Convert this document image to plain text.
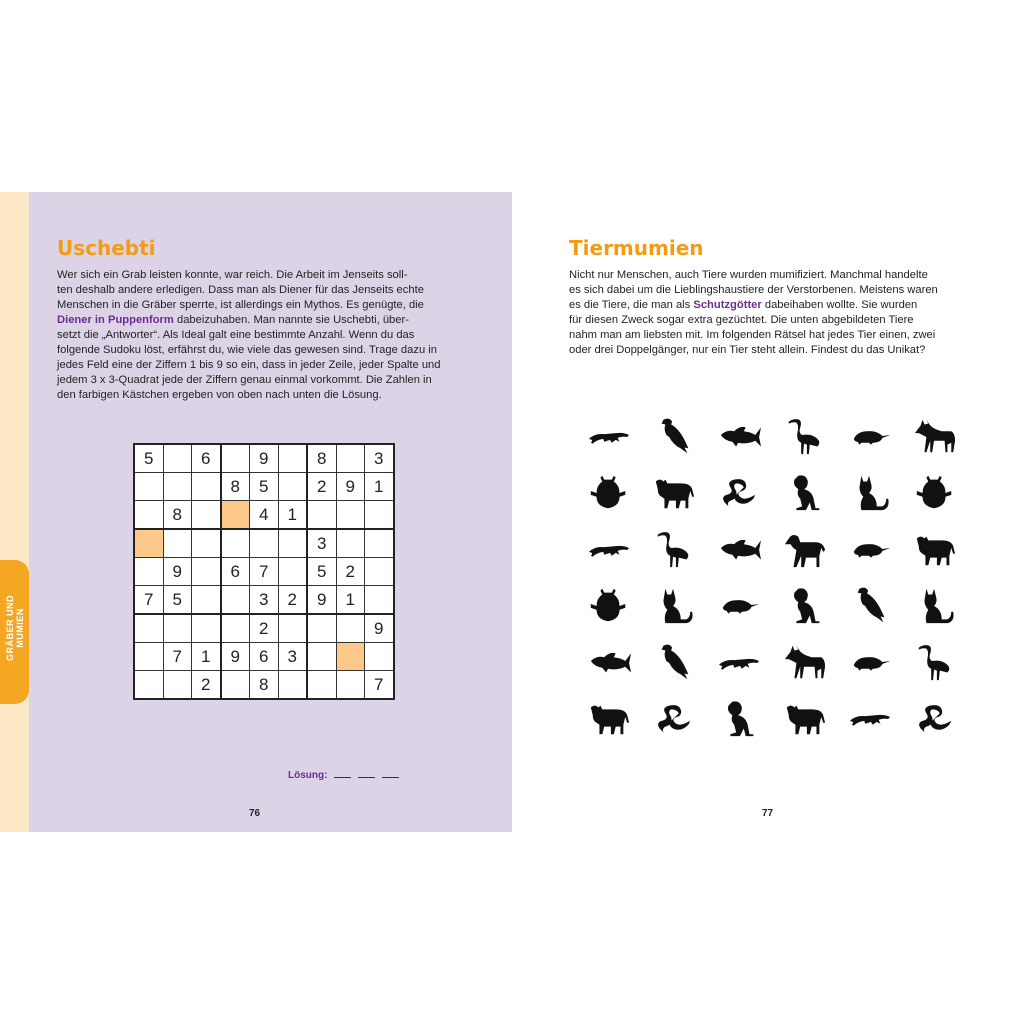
GRÄBER UND MUMIEN
Uschebti
Wer sich ein Grab leisten konnte, war reich. Die Arbeit im Jenseits soll-
ten deshalb andere erledigen. Dass man als Diener für das Jenseits echte
Menschen in die Gräber sperrte, ist allerdings ein Mythos. Es genügte, die
Diener in Puppenform dabeizuhaben. Man nannte sie Uschebti, über-
setzt die „Antworter“. Als Ideal galt eine bestimmte Anzahl. Wenn du das
folgende Sudoku löst, erfährst du, wie viele das gewesen sind. Trage dazu in
jedes Feld eine der Ziffern 1 bis 9 so ein, dass in jeder Zeile, jeder Spalte und
jedem 3 x 3-Quadrat jede der Ziffern genau einmal vorkommt. Die Zahlen in
den farbigen Kästchen ergeben von oben nach unten die Lösung.
5		6		9		8		3
			8	5		2	9	1
	8			4	1			
						3		
	9		6	7		5	2	
7	5			3	2	9	1	
				2				9
	7	1	9	6	3			
		2		8				7
Lösung:
76
Tiermumien
Nicht nur Menschen, auch Tiere wurden mumifiziert. Manchmal handelte
es sich dabei um die Lieblingshaustiere der Verstorbenen. Meistens waren
es die Tiere, die man als Schutzgötter dabeihaben wollte. Sie wurden
für diesen Zweck sogar extra gezüchtet. Die unten abgebildeten Tiere
nahm man am liebsten mit. Im folgenden Rätsel hat jedes Tier einen, zwei
oder drei Doppelgänger, nur ein Tier steht allein. Findest du das Unikat?
77
